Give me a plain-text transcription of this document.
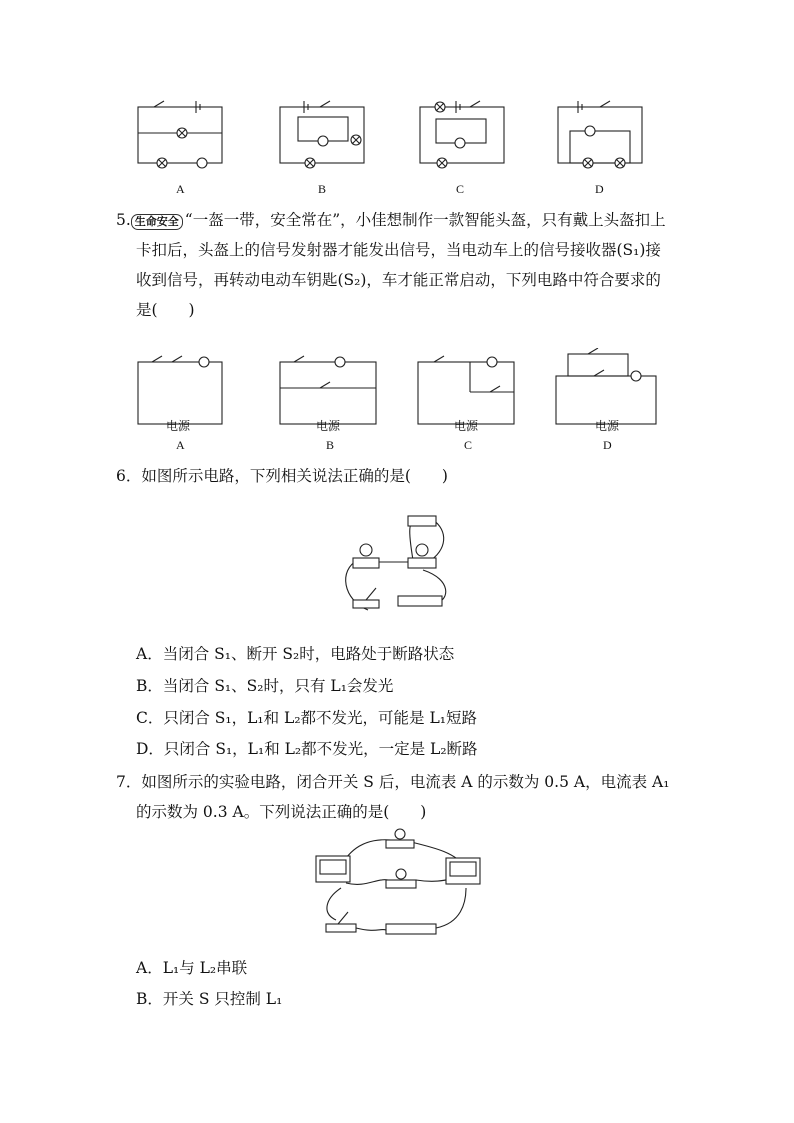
A	B	C	D
5. 生命安全 “一盔一带，安全常在”，小佳想制作一款智能头盔，只有戴上头盔扣上
卡扣后，头盔上的信号发射器才能发出信号，当电动车上的信号接收器(S₁)接
收到信号，再转动电动车钥匙(S₂)，车才能正常启动，下列电路中符合要求的
是(　　)
电源	电源	电源	电源
A	B	C	D
6．如图所示电路，下列相关说法正确的是(　　)
A．当闭合 S₁、断开 S₂时，电路处于断路状态
B．当闭合 S₁、S₂时，只有 L₁会发光
C．只闭合 S₁，L₁和 L₂都不发光，可能是 L₁短路
D．只闭合 S₁，L₁和 L₂都不发光，一定是 L₂断路
7．如图所示的实验电路，闭合开关 S 后，电流表 A 的示数为 0.5 A，电流表 A₁
的示数为 0.3 A。下列说法正确的是(　　)
A．L₁与 L₂串联
B．开关 S 只控制 L₁
